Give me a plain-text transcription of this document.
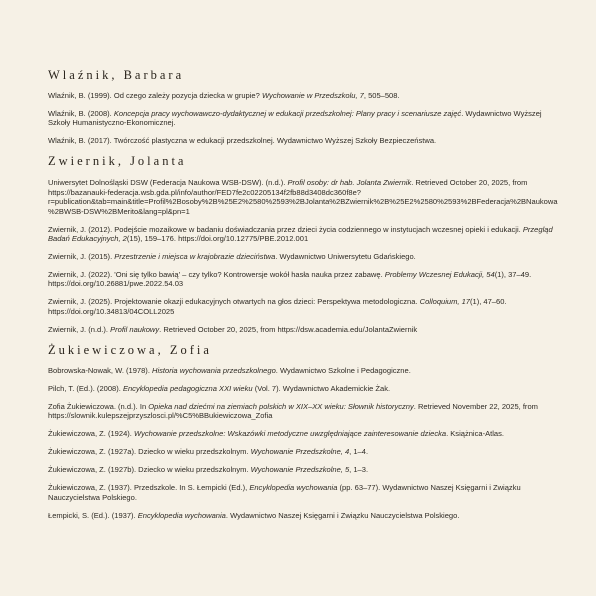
Wlaźnik, Barbara

Wlaźnik, B. (1999). Od czego zależy pozycja dziecka w grupie? Wychowanie w Przedszkolu, 7, 505–508.

Wlaźnik, B. (2008). Koncepcja pracy wychowawczo-dydaktycznej w edukacji przedszkolnej: Plany pracy i scenariusze zajęć. Wydawnictwo Wyższej Szkoły Humanistyczno-Ekonomicznej.

Wlaźnik, B. (2017). Twórczość plastyczna w edukacji przedszkolnej. Wydawnictwo Wyższej Szkoły Bezpieczeństwa.

Zwiernik, Jolanta

Uniwersytet Dolnośląski DSW (Federacja Naukowa WSB-DSW). (n.d.). Profil osoby: dr hab. Jolanta Zwiernik. Retrieved October 20, 2025, from https://bazanauki-federacja.wsb.gda.pl/info/author/FED7fe2c02205134f2fb88d3408dc360f8e?r=publication&tab=main&title=Profil%2Bosoby%2B%25E2%2580%2593%2BJolanta%2BZwiernik%2B%25E2%2580%2593%2BFederacja%2BNaukowa%2BWSB-DSW%2BMerito&lang=pl&pn=1

Zwiernik, J. (2012). Podejście mozaikowe w badaniu doświadczania przez dzieci życia codziennego w instytucjach wczesnej opieki i edukacji. Przegląd Badań Edukacyjnych, 2(15), 159–176. https://doi.org/10.12775/PBE.2012.001

Zwiernik, J. (2015). Przestrzenie i miejsca w krajobrazie dzieciństwa. Wydawnictwo Uniwersytetu Gdańskiego.

Zwiernik, J. (2022). 'Oni się tylko bawią' – czy tylko? Kontrowersje wokół hasła nauka przez zabawę. Problemy Wczesnej Edukacji, 54(1), 37–49. https://doi.org/10.26881/pwe.2022.54.03

Zwiernik, J. (2025). Projektowanie okazji edukacyjnych otwartych na głos dzieci: Perspektywa metodologiczna. Colloquium, 17(1), 47–60. https://doi.org/10.34813/04COLL2025

Zwiernik, J. (n.d.). Profil naukowy. Retrieved October 20, 2025, from https://dsw.academia.edu/JolantaZwiernik

Żukiewiczowa, Zofia

Bobrowska-Nowak, W. (1978). Historia wychowania przedszkolnego. Wydawnictwo Szkolne i Pedagogiczne.

Pilch, T. (Ed.). (2008). Encyklopedia pedagogiczna XXI wieku (Vol. 7). Wydawnictwo Akademickie Żak.

Zofia Żukiewiczowa. (n.d.). In Opieka nad dziećmi na ziemiach polskich w XIX–XX wieku: Słownik historyczny. Retrieved November 22, 2025, from https://slownik.kulepszejprzyszlosci.pl/%C5%BBukiewiczowa_Zofia

Żukiewiczowa, Z. (1924). Wychowanie przedszkolne: Wskazówki metodyczne uwzględniające zainteresowanie dziecka. Książnica-Atlas.

Żukiewiczowa, Z. (1927a). Dziecko w wieku przedszkolnym. Wychowanie Przedszkolne, 4, 1–4.

Żukiewiczowa, Z. (1927b). Dziecko w wieku przedszkolnym. Wychowanie Przedszkolne, 5, 1–3.

Żukiewiczowa, Z. (1937). Przedszkole. In S. Łempicki (Ed.), Encyklopedia wychowania (pp. 63–77). Wydawnictwo Naszej Księgarni i Związku Nauczycielstwa Polskiego.

Łempicki, S. (Ed.). (1937). Encyklopedia wychowania. Wydawnictwo Naszej Księgarni i Związku Nauczycielstwa Polskiego.
